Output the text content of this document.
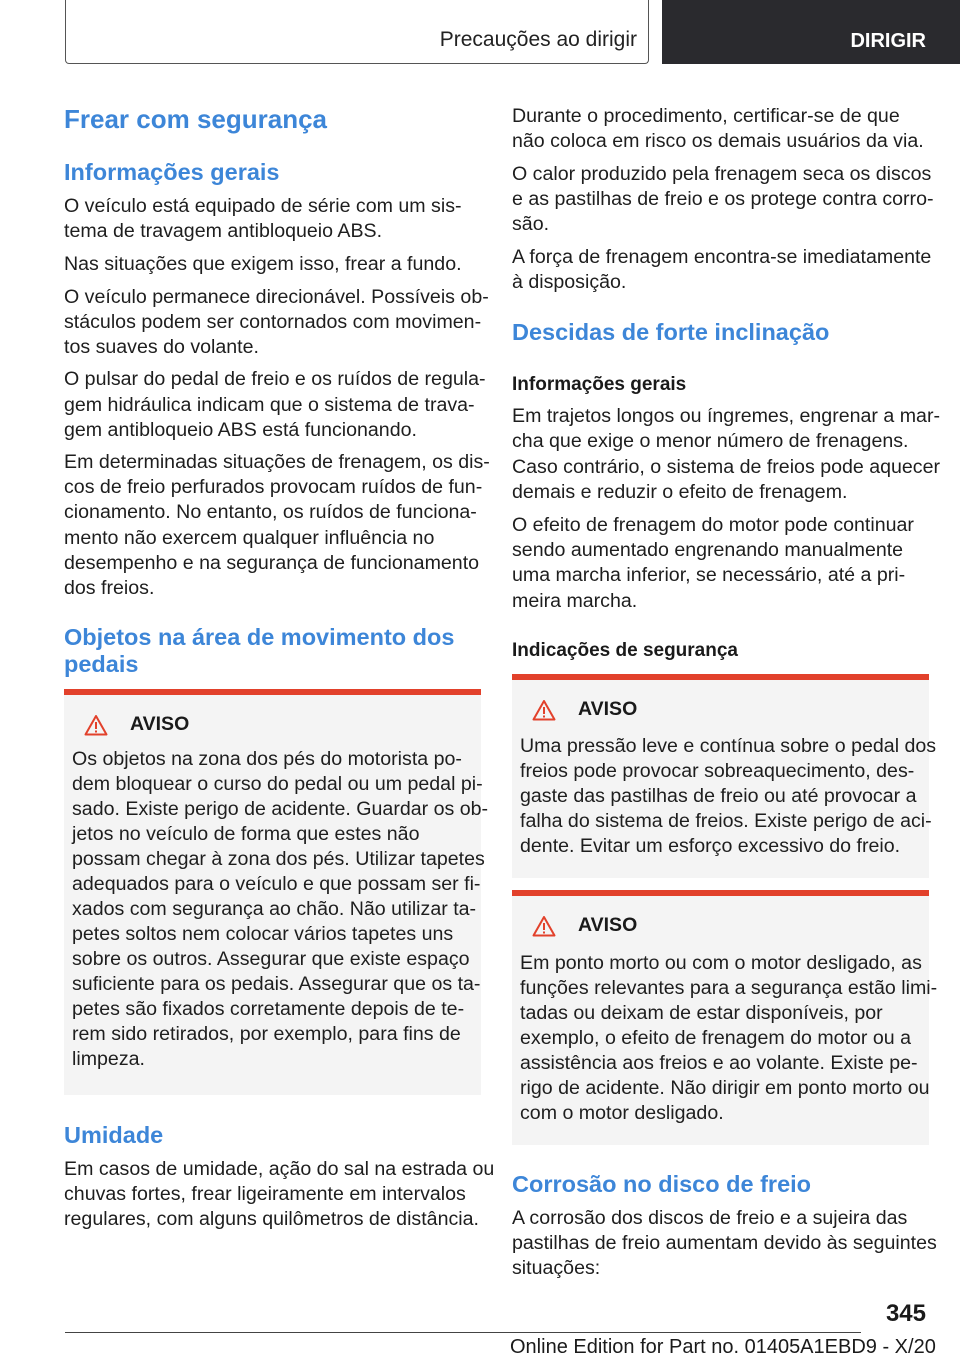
Precauções ao dirigir	DIRIGIR
Frear com segurança
Informações gerais

O veículo está equipado de série com um sis-

tema de travagem antibloqueio ABS.

Nas situações que exigem isso, frear a fundo.

O veículo permanece direcionável. Possíveis ob-

stáculos podem ser contornados com movimen-

tos suaves do volante.

O pulsar do pedal de freio e os ruídos de regula-

gem hidráulica indicam que o sistema de trava-

gem antibloqueio ABS está funcionando.

Em determinadas situações de frenagem, os dis-

cos de freio perfurados provocam ruídos de fun-

cionamento. No entanto, os ruídos de funciona-

mento não exercem qualquer influência no

desempenho e na segurança de funcionamento

dos freios.

Objetos na área de movimento dos
pedais
AVISO

Os objetos na zona dos pés do motorista po-

dem bloquear o curso do pedal ou um pedal pi-

sado. Existe perigo de acidente. Guardar os ob-

jetos no veículo de forma que estes não

possam chegar à zona dos pés. Utilizar tapetes

adequados para o veículo e que possam ser fi-

xados com segurança ao chão. Não utilizar ta-

petes soltos nem colocar vários tapetes uns

sobre os outros. Assegurar que existe espaço

suficiente para os pedais. Assegurar que os ta-

petes são fixados corretamente depois de te-

rem sido retirados, por exemplo, para fins de

limpeza.

Umidade

Em casos de umidade, ação do sal na estrada ou

chuvas fortes, frear ligeiramente em intervalos

regulares, com alguns quilômetros de distância.

Durante o procedimento, certificar-se de que

não coloca em risco os demais usuários da via.

O calor produzido pela frenagem seca os discos

e as pastilhas de freio e os protege contra corro-

são.

A força de frenagem encontra-se imediatamente

à disposição.

Descidas de forte inclinação
Informações gerais

Em trajetos longos ou íngremes, engrenar a mar-

cha que exige o menor número de frenagens.

Caso contrário, o sistema de freios pode aquecer

demais e reduzir o efeito de frenagem.

O efeito de frenagem do motor pode continuar

sendo aumentado engrenando manualmente

uma marcha inferior, se necessário, até a pri-

meira marcha.

Indicações de segurança
AVISO

Uma pressão leve e contínua sobre o pedal dos

freios pode provocar sobreaquecimento, des-

gaste das pastilhas de freio ou até provocar a

falha do sistema de freios. Existe perigo de aci-

dente. Evitar um esforço excessivo do freio.

AVISO

Em ponto morto ou com o motor desligado, as

funções relevantes para a segurança estão limi-

tadas ou deixam de estar disponíveis, por

exemplo, o efeito de frenagem do motor ou a

assistência aos freios e ao volante. Existe pe-

rigo de acidente. Não dirigir em ponto morto ou

com o motor desligado.

Corrosão no disco de freio

A corrosão dos discos de freio e a sujeira das

pastilhas de freio aumentam devido às seguintes

situações:

345
Online Edition for Part no. 01405A1EBD9 - X/20
